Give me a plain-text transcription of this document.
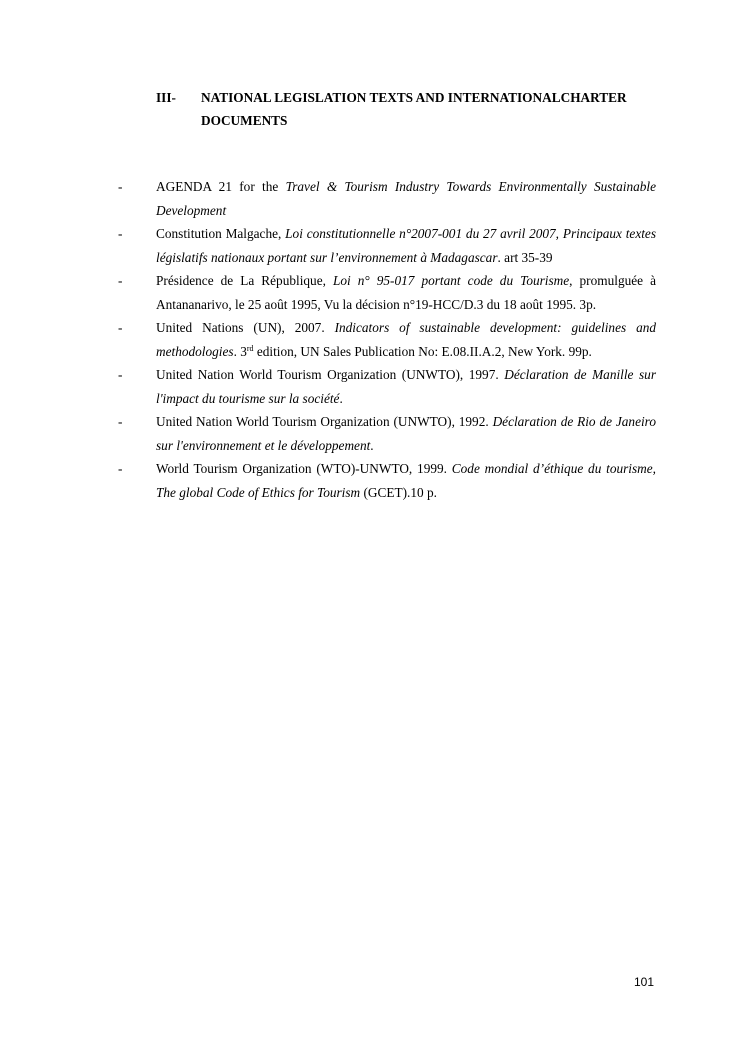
III- NATIONAL LEGISLATION TEXTS AND INTERNATIONALCHARTER DOCUMENTS
-	AGENDA 21 for the Travel & Tourism Industry Towards Environmentally Sustainable Development
-	Constitution Malgache, Loi constitutionnelle n°2007-001 du 27 avril 2007, Principaux textes législatifs nationaux portant sur l’environnement à Madagascar. art 35-39
-	Présidence de La République, Loi n° 95-017 portant code du Tourisme, promulguée à Antananarivo, le 25 août 1995, Vu la décision n°19-HCC/D.3 du 18 août 1995. 3p.
-	United Nations (UN), 2007. Indicators of sustainable development: guidelines and methodologies. 3rd edition, UN Sales Publication No: E.08.II.A.2, New York. 99p.
-	United Nation World Tourism Organization (UNWTO), 1997. Déclaration de Manille sur l'impact du tourisme sur la société.
-	United Nation World Tourism Organization (UNWTO), 1992. Déclaration de Rio de Janeiro sur l'environnement et le développement.
-	World Tourism Organization (WTO)-UNWTO, 1999. Code mondial d’éthique du tourisme, The global Code of Ethics for Tourism (GCET).10 p.
101
